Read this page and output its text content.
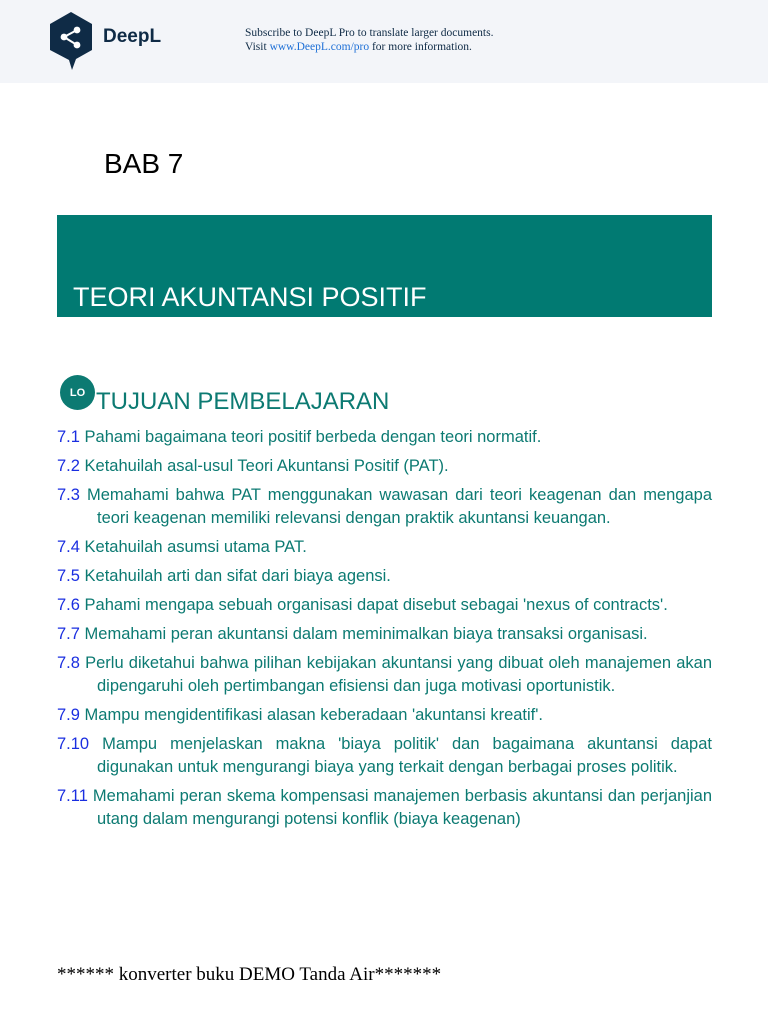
DeepL	Subscribe to DeepL Pro to translate larger documents.
Visit www.DeepL.com/pro for more information.
BAB 7
TEORI AKUNTANSI POSITIF
LO TUJUAN PEMBELAJARAN

7.1 Pahami bagaimana teori positif berbeda dengan teori normatif.

7.2 Ketahuilah asal-usul Teori Akuntansi Positif (PAT).

7.3 Memahami bahwa PAT menggunakan wawasan dari teori keagenan dan mengapa teori keagenan memiliki relevansi dengan praktik akuntansi keuangan.

7.4 Ketahuilah asumsi utama PAT.

7.5 Ketahuilah arti dan sifat dari biaya agensi.

7.6 Pahami mengapa sebuah organisasi dapat disebut sebagai 'nexus of contracts'.

7.7 Memahami peran akuntansi dalam meminimalkan biaya transaksi organisasi.

7.8 Perlu diketahui bahwa pilihan kebijakan akuntansi yang dibuat oleh manajemen akan dipengaruhi oleh pertimbangan efisiensi dan juga motivasi oportunistik.

7.9 Mampu mengidentifikasi alasan keberadaan 'akuntansi kreatif'.

7.10 Mampu menjelaskan makna 'biaya politik' dan bagaimana akuntansi dapat digunakan untuk mengurangi biaya yang terkait dengan berbagai proses politik.

7.11 Memahami peran skema kompensasi manajemen berbasis akuntansi dan perjanjian utang dalam mengurangi potensi konflik (biaya keagenan)

****** konverter buku DEMO Tanda Air*******
